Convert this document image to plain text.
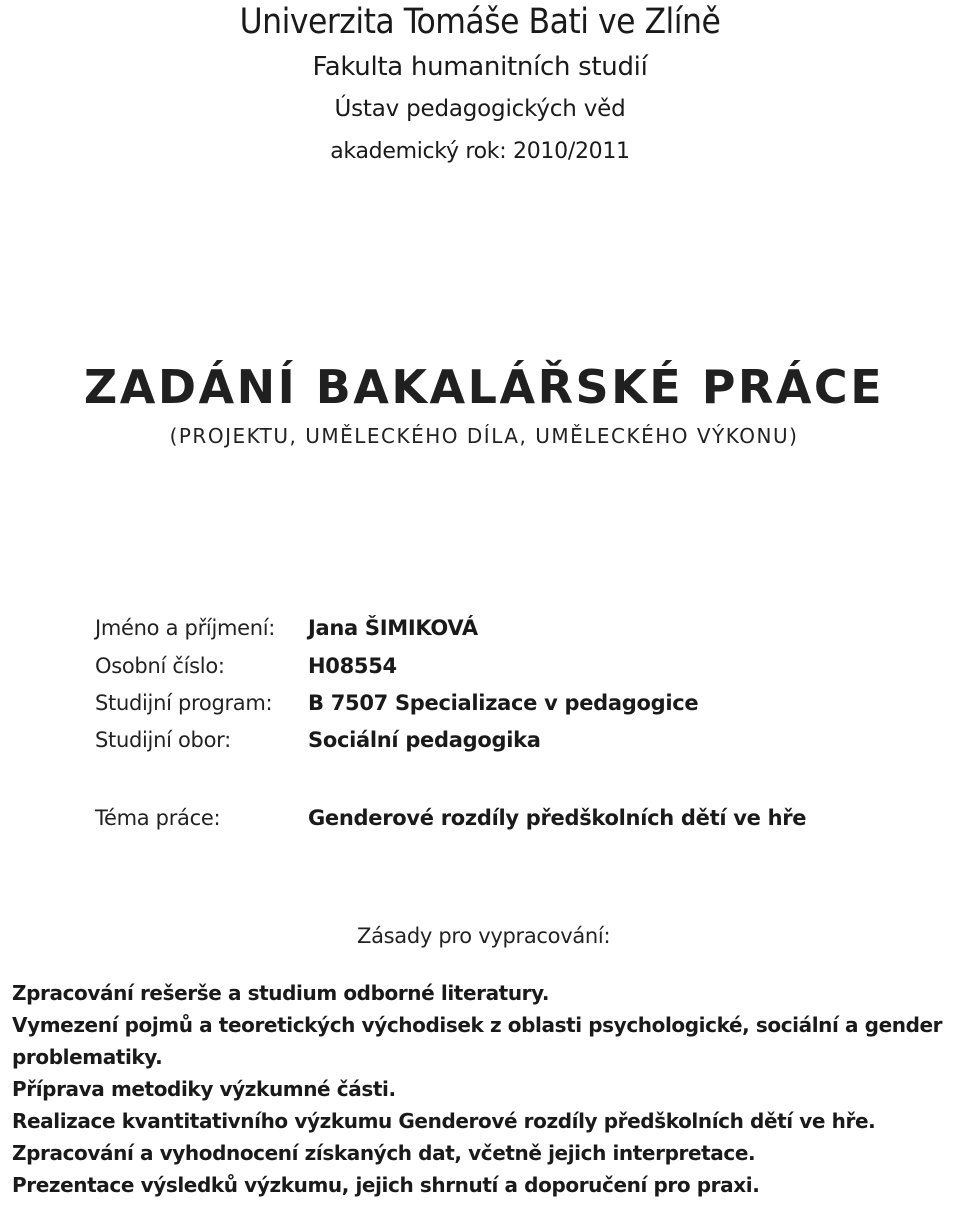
Univerzita Tomáše Bati ve Zlíně
Fakulta humanitních studií
Ústav pedagogických věd
akademický rok: 2010/2011
ZADÁNÍ BAKALÁŘSKÉ PRÁCE
(PROJEKTU, UMĚLECKÉHO DÍLA, UMĚLECKÉHO VÝKONU)
Jméno a příjmení: Jana ŠIMIKOVÁ
Osobní číslo:	H08554
Studijní program: B 7507 Specializace v pedagogice
Studijní obor:	Sociální pedagogika
Téma práce:	Genderové rozdíly předškolních dětí ve hře
Zásady pro vypracování:
Zpracování rešerše a studium odborné literatury.
Vymezení pojmů a teoretických východisek z oblasti psychologické, sociální a gender problematiky.
Příprava metodiky výzkumné části.
Realizace kvantitativního výzkumu Genderové rozdíly předškolních dětí ve hře.
Zpracování a vyhodnocení získaných dat, včetně jejich interpretace.
Prezentace výsledků výzkumu, jejich shrnutí a doporučení pro praxi.
